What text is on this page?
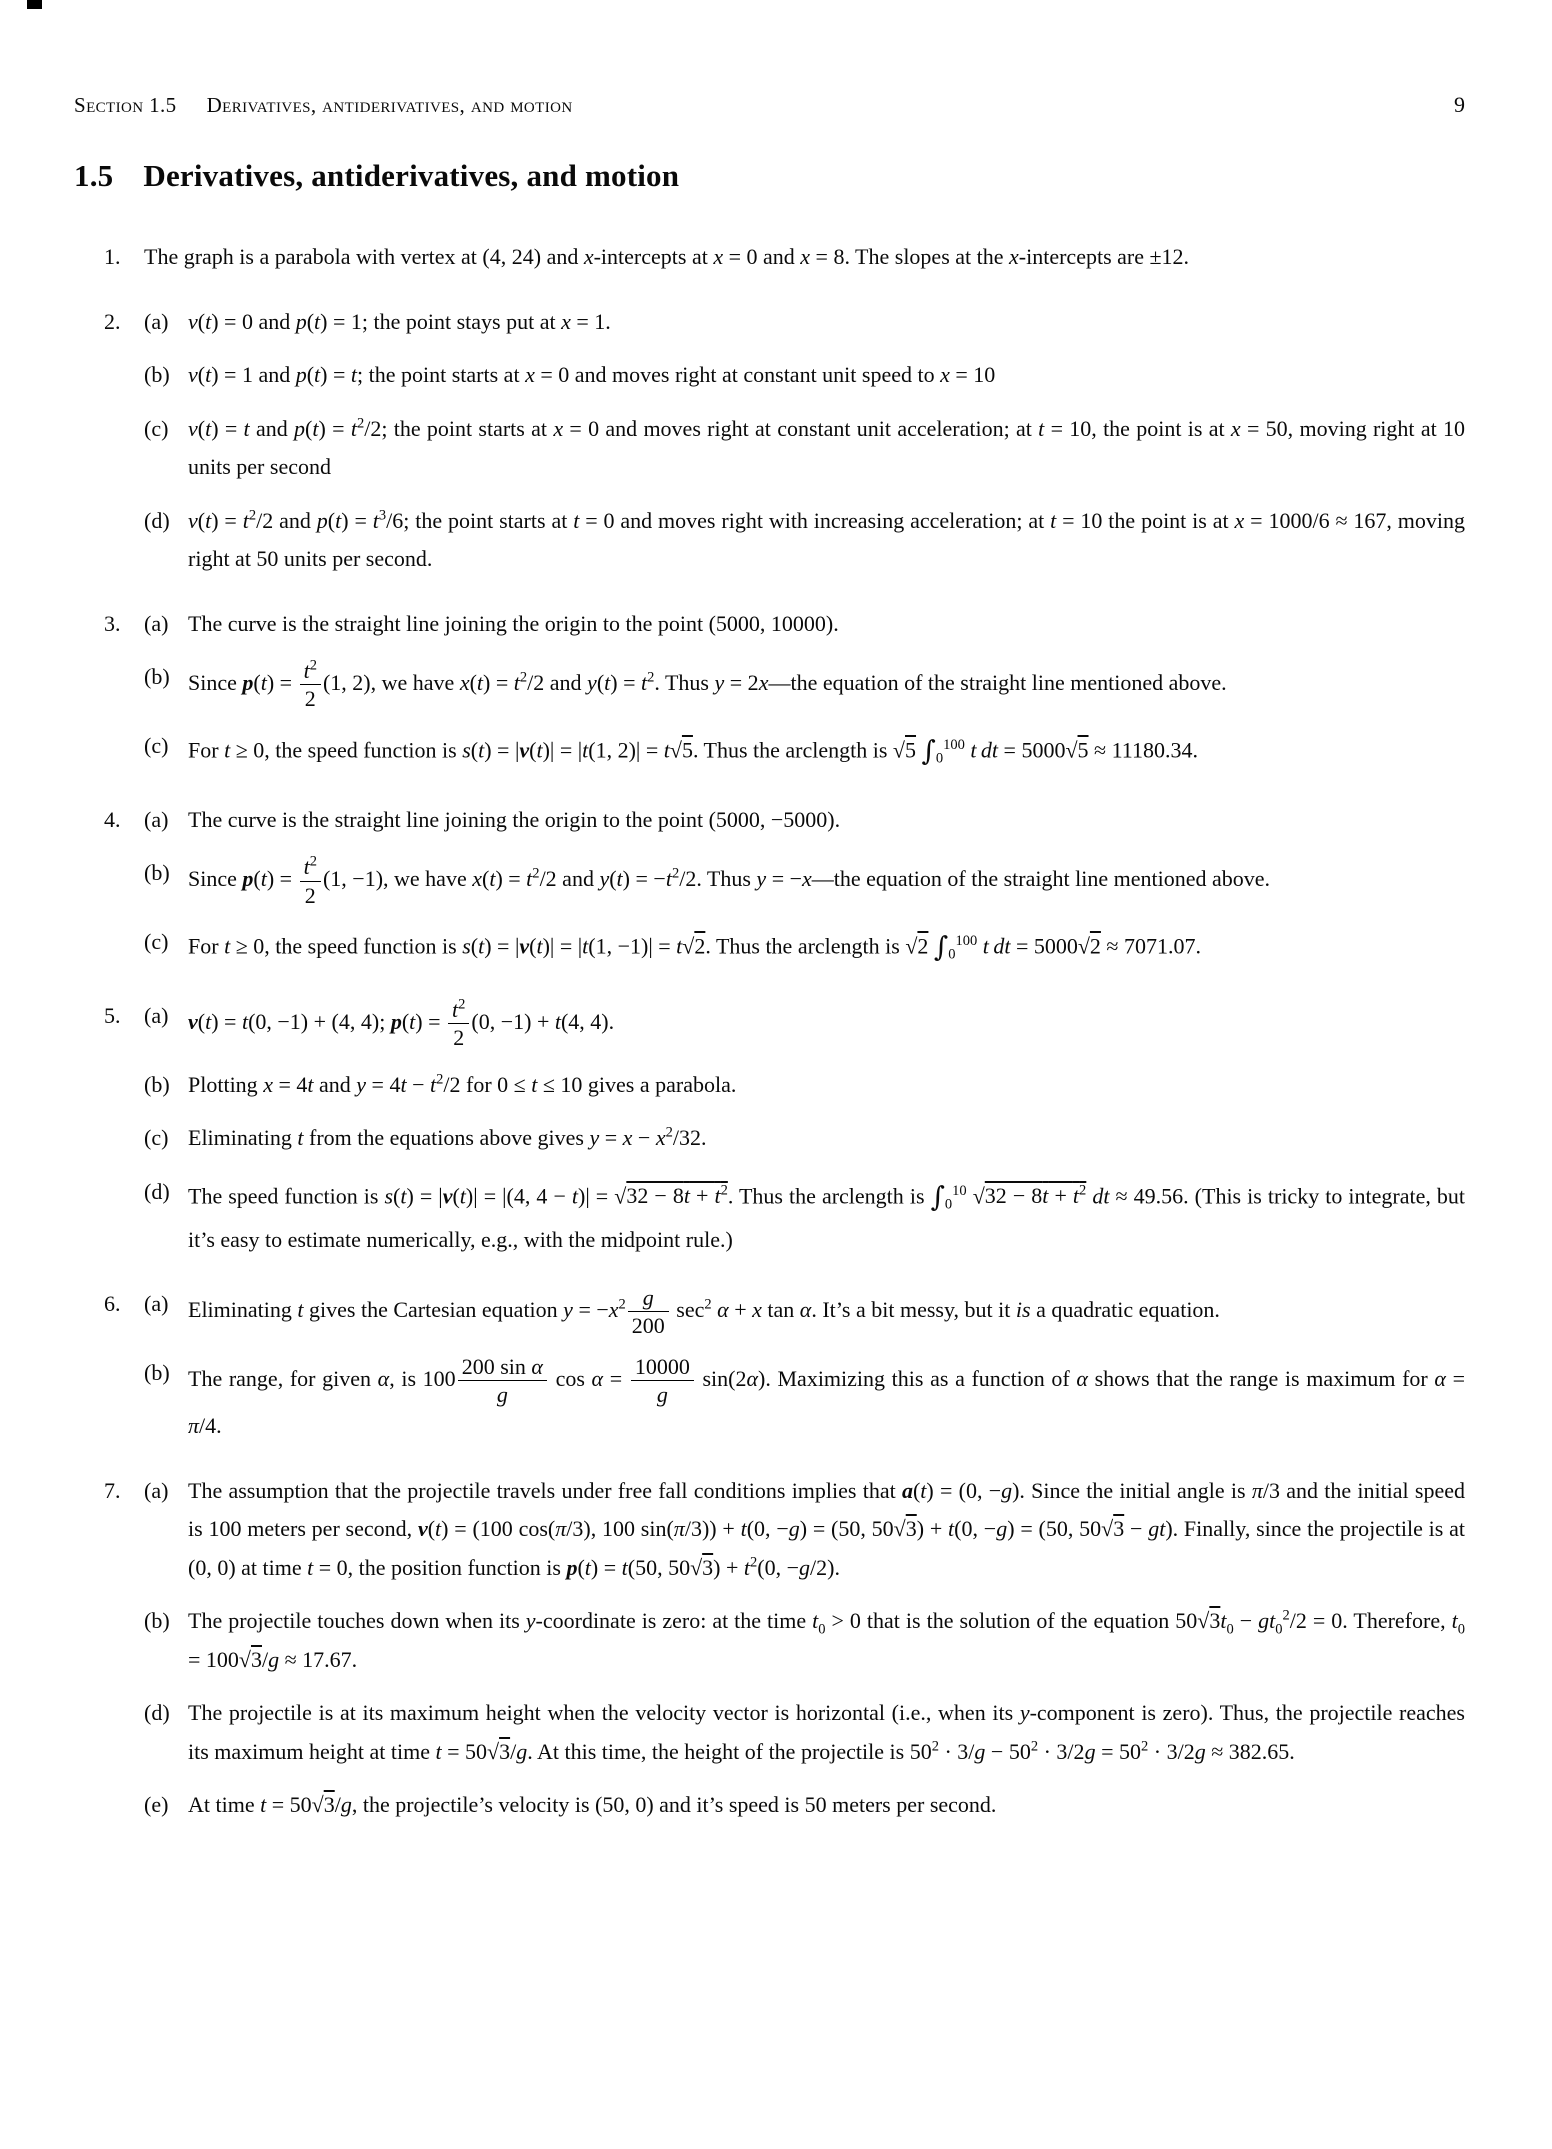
Section 1.5 Derivatives, antiderivatives, and motion	9
1.5 Derivatives, antiderivatives, and motion
1.	The graph is a parabola with vertex at (4, 24) and x-intercepts at x = 0 and x = 8. The slopes at the x-intercepts are ±12.
2.	(a) v(t) = 0 and p(t) = 1; the point stays put at x = 1.
(b) v(t) = 1 and p(t) = t; the point starts at x = 0 and moves right at constant unit speed to x = 10
(c) v(t) = t and $p(t) = t^2/2$; the point starts at x = 0 and moves right at constant unit acceleration; at t = 10, the point is at x = 50, moving right at 10 units per second
(d) $v(t) = t^2/2$ and $p(t) = t^3/6$; the point starts at t = 0 and moves right with increasing acceleration; at t = 10 the point is at x = 1000/6 ≈ 167, moving right at 50 units per second.
3.	(a) The curve is the straight line joining the origin to the point (5000, 10000).
(b) Since $p(t) = \frac{t^2}{2} (1$, 2), we have $x(t) = t^2/2$ and $y(t) = t^2$. Thus y = 2x—the equation of the straight line mentioned above.
(c) For t ≥ 0, the speed function is s(t) = |v(t)| = |t(1, 2)| = t√5. Thus the arclength is √5 $\int_0^{100}$ t dt = 5000√5 ≈ 11180.34.
4.	(a) The curve is the straight line joining the origin to the point (5000, −5000).
(b) Since $p(t) = \frac{t^2}{2} (1$, −1), we have $x(t) = t^2/2$ and $y(t) = -t^2/2$. Thus y = −x—the equation of the straight line mentioned above.
(c) For t ≥ 0, the speed function is s(t) = |v(t)| = |t(1, −1)| = t√2. Thus the arclength is √2 $\int_0^{100}$ t dt = 5000√2 ≈ 7071.07.
5.	(a) v(t) = t(0, −1) + (4, 4); $p(t) = \frac{t^2}{2} (0$, −1) + t(4, 4).
(b) Plotting x = 4t and $y = 4t - t^2/2$ for 0 ≤ t ≤ 10 gives a parabola.
(c) Eliminating t from the equations above gives $y = x - x^2/32$.
(d) The speed function is s(t) = |v(t)| = |(4, $4 - t)| = √32 - 8t + t^2$. Thus the arclength is $\int_0^{10}$ $√32 - 8t + t^2$ dt ≈ 49.56. (This is tricky to integrate, but it’s easy to estimate numerically, e.g., with the midpoint rule.)
6.	(a) Eliminating t gives the Cartesian equation $y = -x^2 \frac{g}{200} \sec^2 \alpha + x$ tan α. It’s a bit messy, but it is a quadratic equation.
(b) The range, for given α, is $100 \frac{\text{200 sin α}}{g}$ $\cos \alpha = \frac{10000}{g} \sin(2\alpha)$. Maximizing this as a function of α shows that the range is maximum for α = π/4.
7.	(a) The assumption that the projectile travels under free fall conditions implies that a(t) = (0, −g). Since the initial angle is π/3 and the initial speed is 100 meters per second, v(t) = (100 cos(π/3), 100 sin(π/3)) + t(0, −g) = (50, 50√3) + t(0, −g) = (50, 50√3 − gt). Finally, since the projectile is at (0, 0) at time t = 0, the position function is p(t) = t(50, $50√3) + t^2(0$, −g/2).
(b) The projectile touches down when its y-coordinate is zero: at the time $t_0 > 0$ that is the solution of the equation $50√3t_0 - gt_0^2/2 = 0$. Therefore, $t_0 = 100√3/g \approx 17.67$.
(d) The projectile is at its maximum height when the velocity vector is horizontal (i.e., when its y-component is zero). Thus, the projectile reaches its maximum height at time t = 50√3/g. At this time, the height of the projectile is $50^2 \cdot 3/g - 50^2 \cdot 3/2g = 50^2 \cdot 3/2g \approx 382.65$.
(e) At time t = 50√3/g, the projectile’s velocity is (50, 0) and it’s speed is 50 meters per second.
